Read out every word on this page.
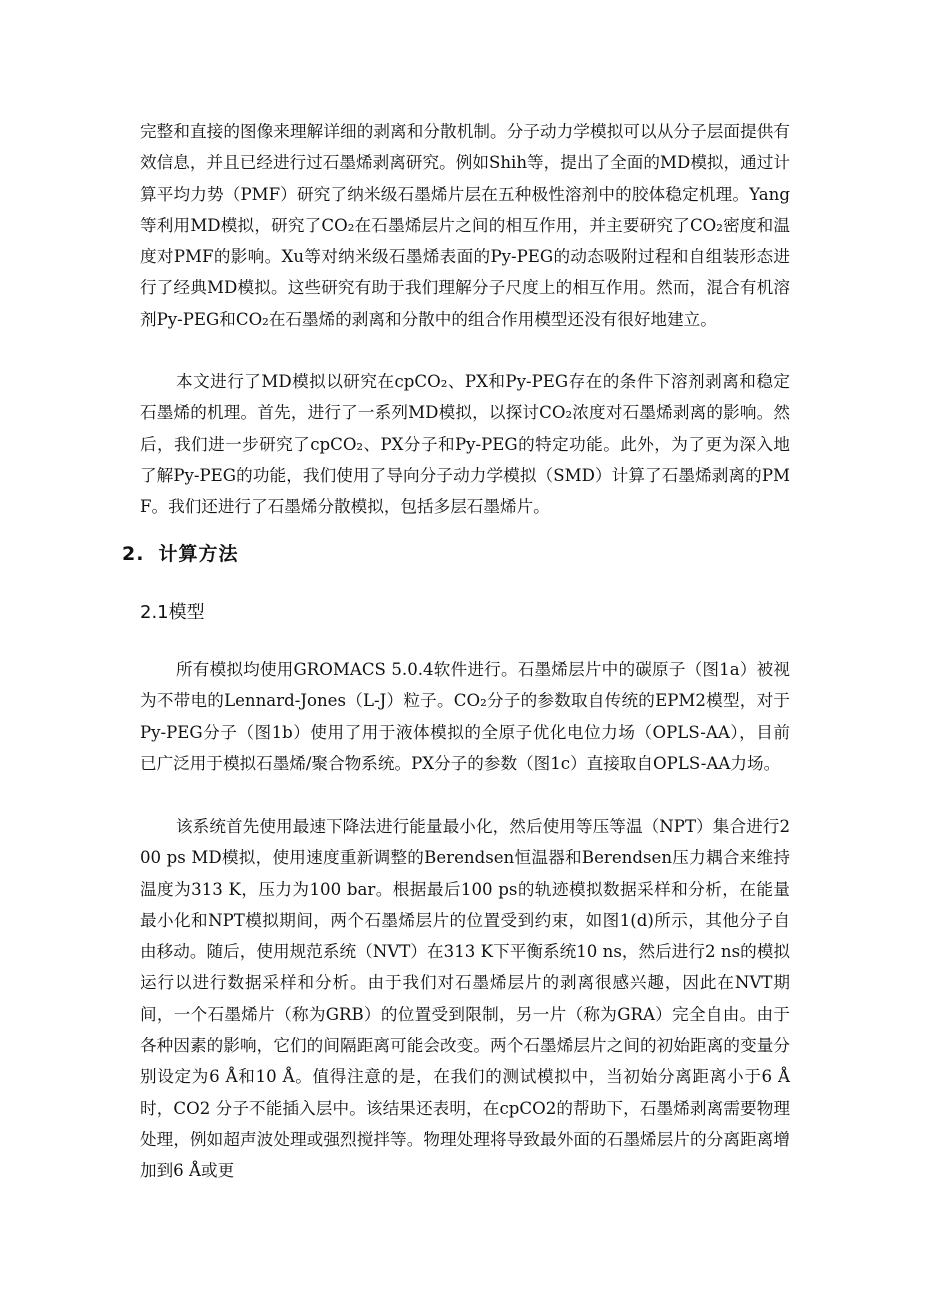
完整和直接的图像来理解详细的剥离和分散机制。分子动力学模拟可以从分子层面提供有效信息，并且已经进行过石墨烯剥离研究。例如Shih等，提出了全面的MD模拟，通过计算平均力势（PMF）研究了纳米级石墨烯片层在五种极性溶剂中的胶体稳定机理。Yang等利用MD模拟，研究了CO₂在石墨烯层片之间的相互作用，并主要研究了CO₂密度和温度对PMF的影响。Xu等对纳米级石墨烯表面的Py-PEG的动态吸附过程和自组装形态进行了经典MD模拟。这些研究有助于我们理解分子尺度上的相互作用。然而，混合有机溶剂Py-PEG和CO₂在石墨烯的剥离和分散中的组合作用模型还没有很好地建立。

本文进行了MD模拟以研究在cpCO₂、PX和Py-PEG存在的条件下溶剂剥离和稳定石墨烯的机理。首先，进行了一系列MD模拟，以探讨CO₂浓度对石墨烯剥离的影响。然后，我们进一步研究了cpCO₂、PX分子和Py-PEG的特定功能。此外，为了更为深入地了解Py-PEG的功能，我们使用了导向分子动力学模拟（SMD）计算了石墨烯剥离的PMF。我们还进行了石墨烯分散模拟，包括多层石墨烯片。

2. 计算方法
2.1模型

所有模拟均使用GROMACS 5.0.4软件进行。石墨烯层片中的碳原子（图1a）被视为不带电的Lennard-Jones（L-J）粒子。CO₂分子的参数取自传统的EPM2模型，对于Py-PEG分子（图1b）使用了用于液体模拟的全原子优化电位力场（OPLS-AA），目前已广泛用于模拟石墨烯/聚合物系统。PX分子的参数（图1c）直接取自OPLS-AA力场。

该系统首先使用最速下降法进行能量最小化，然后使用等压等温（NPT）集合进行200 ps MD模拟，使用速度重新调整的Berendsen恒温器和Berendsen压力耦合来维持温度为313 K，压力为100 bar。根据最后100 ps的轨迹模拟数据采样和分析，在能量最小化和NPT模拟期间，两个石墨烯层片的位置受到约束，如图1(d)所示，其他分子自由移动。随后，使用规范系统（NVT）在313 K下平衡系统10 ns，然后进行2 ns的模拟运行以进行数据采样和分析。由于我们对石墨烯层片的剥离很感兴趣，因此在NVT期间，一个石墨烯片（称为GRB）的位置受到限制，另一片（称为GRA）完全自由。由于各种因素的影响，它们的间隔距离可能会改变。两个石墨烯层片之间的初始距离的变量分别设定为6 Å和10 Å。值得注意的是，在我们的测试模拟中，当初始分离距离小于6 Å时，CO2 分子不能插入层中。该结果还表明，在cpCO2的帮助下，石墨烯剥离需要物理处理，例如超声波处理或强烈搅拌等。物理处理将导致最外面的石墨烯层片的分离距离增加到6 Å或更
